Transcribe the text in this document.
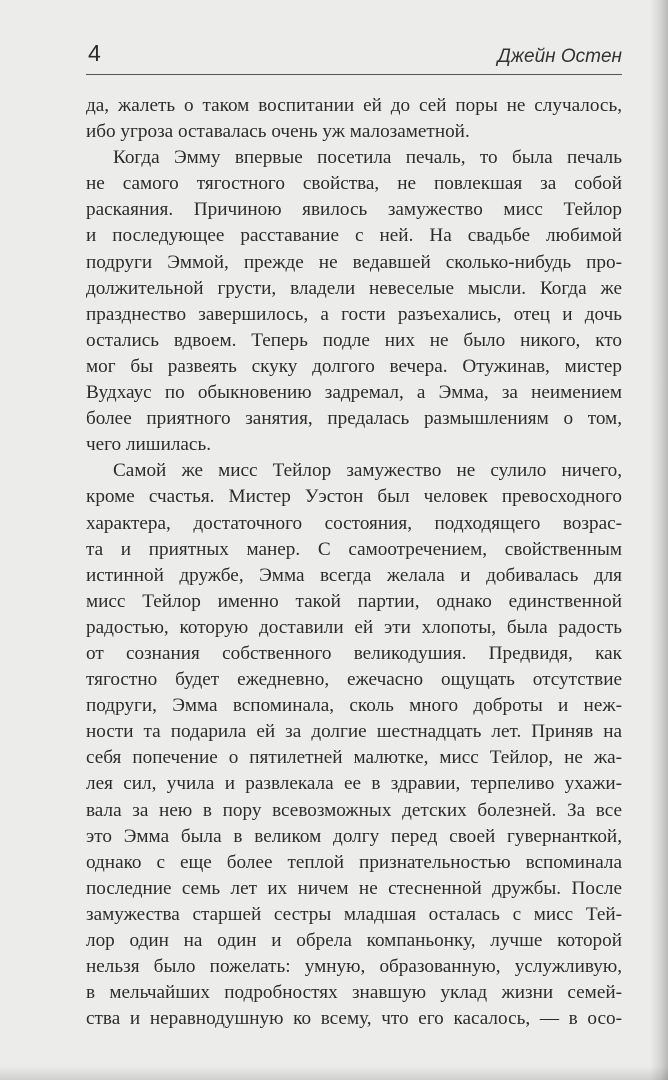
4	Джейн Остен

да, жалеть о таком воспитании ей до сей поры не случалось,
ибо угроза оставалась очень уж малозаметной.

Когда Эмму впервые посетила печаль, то была печаль
не самого тягостного свойства, не повлекшая за собой
раскаяния. Причиною явилось замужество мисс Тейлор
и последующее расставание с ней. На свадьбе любимой
подруги Эммой, прежде не ведавшей сколько-нибудь про-
должительной грусти, владели невеселые мысли. Когда же
празднество завершилось, а гости разъехались, отец и дочь
остались вдвоем. Теперь подле них не было никого, кто
мог бы развеять скуку долгого вечера. Отужинав, мистер
Вудхаус по обыкновению задремал, а Эмма, за неимением
более приятного занятия, предалась размышлениям о том,
чего лишилась.

Самой же мисс Тейлор замужество не сулило ничего,
кроме счастья. Мистер Уэстон был человек превосходного
характера, достаточного состояния, подходящего возрас-
та и приятных манер. С самоотречением, свойственным
истинной дружбе, Эмма всегда желала и добивалась для
мисс Тейлор именно такой партии, однако единственной
радостью, которую доставили ей эти хлопоты, была радость
от сознания собственного великодушия. Предвидя, как
тягостно будет ежедневно, ежечасно ощущать отсутствие
подруги, Эмма вспоминала, сколь много доброты и неж-
ности та подарила ей за долгие шестнадцать лет. Приняв на
себя попечение о пятилетней малютке, мисс Тейлор, не жа-
лея сил, учила и развлекала ее в здравии, терпеливо ухажи-
вала за нею в пору всевозможных детских болезней. За все
это Эмма была в великом долгу перед своей гувернанткой,
однако с еще более теплой признательностью вспоминала
последние семь лет их ничем не стесненной дружбы. После
замужества старшей сестры младшая осталась с мисс Тей-
лор один на один и обрела компаньонку, лучше которой
нельзя было пожелать: умную, образованную, услужливую,
в мельчайших подробностях знавшую уклад жизни семей-
ства и неравнодушную ко всему, что его касалось, — в осо-
